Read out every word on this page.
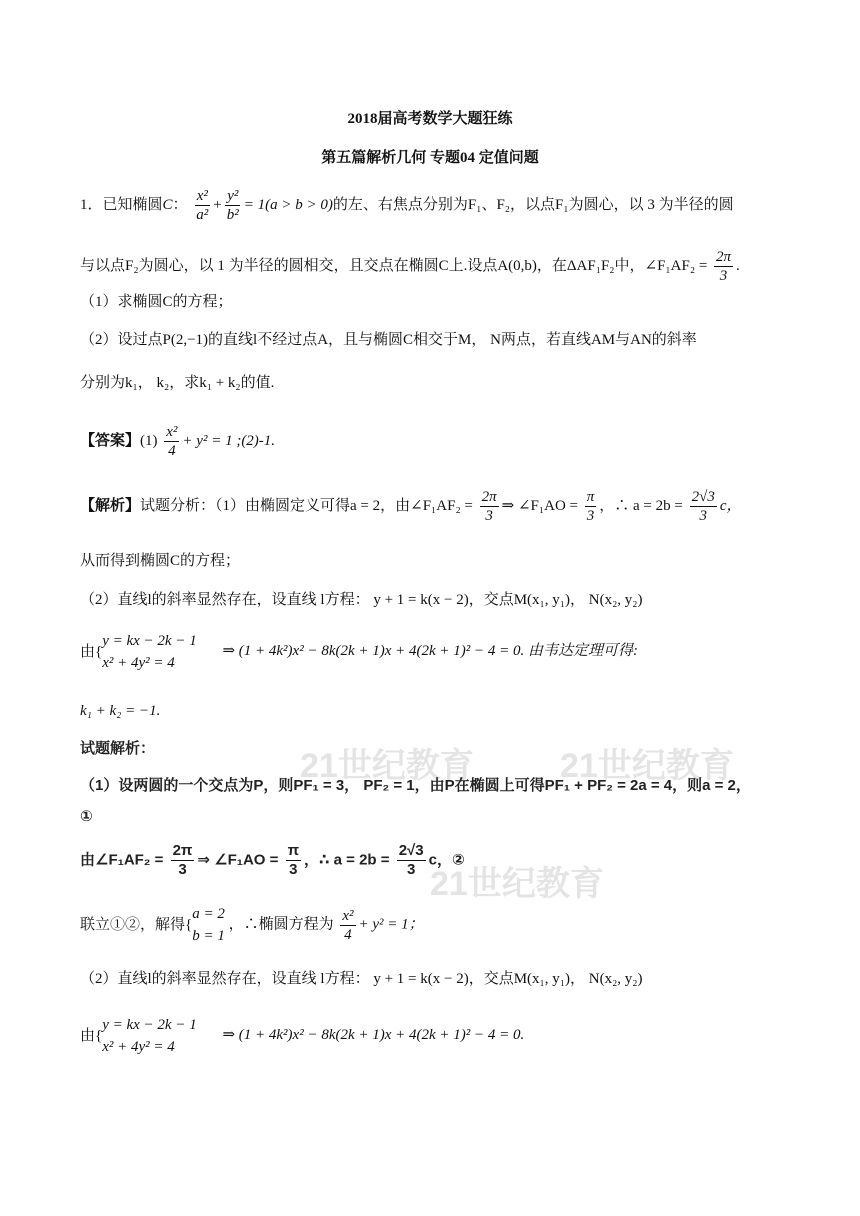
2018届高考数学大题狂练
第五篇解析几何 专题04 定值问题
1．已知椭圆C： $\frac{\text{x²}}{\text{a²}} + \frac{\text{y²}}{\text{b²}} = 1(a > b > 0)$的左、右焦点分别为F₁、F₂，以点F₁为圆心，以 3 为半径的圆
与以点F₂为圆心，以 1 为半径的圆相交，且交点在椭圆C上.设点A(0,b)，在ΔAF₁F₂中，∠F₁AF₂ = $\frac{2\pi}{3}$ .
（1）求椭圆C的方程；
（2）设过点P(2,−1)的直线l不经过点A，且与椭圆C相交于M， N两点，若直线AM与AN的斜率
分别为k₁， k₂，求k₁ + k₂的值.
【答案】$(1) \frac{\text{x²}}{4} + y^2 = 1$ ;(2)-1.
【解析】试题分析：（1）由椭圆定义可得a = 2，由∠F₁AF₂ = $\frac{2\pi}{3}$ ⇒ ∠F₁AO = $\frac{\pi}{3}$ ，∴ $a = 2b = \frac{2√3}{3}$ c，
从而得到椭圆C的方程；
（2）直线l的斜率显然存在，设直线 l方程： y + 1 = k(x − 2)，交点M(x₁, y₁)， N(x₂, y₂)
由{
y = kx − 2k − 1
x² + 4y² = 4
⇒ (1 + 4k²)x² − 8k(2k + 1)x + 4(2k + 1)² − 4 = 0. 由韦达定理可得:
k₁ + k₂ = −1.
21世纪教育	21世纪教育
21世纪教育
试题解析：
（1）设两圆的一个交点为P，则PF₁ = 3， PF₂ = 1，由P在椭圆上可得PF₁ + PF₂ = 2a = 4，则a = 2，
①
由∠F₁AF₂ = $\frac{2\pi}{3}$ ⇒ ∠F₁AO = $\frac{\pi}{3}$ ，∴ $a = 2b = \frac{2√3}{3}$ c，②
联立①②，解得{
a = 2
b = 1
，∴椭圆方程为 $\frac{\text{x²}}{4} + y^2 = 1$；
（2）直线l的斜率显然存在，设直线 l方程： y + 1 = k(x − 2)，交点M(x₁, y₁)， N(x₂, y₂)
由{
y = kx − 2k − 1
x² + 4y² = 4
⇒ (1 + 4k²)x² − 8k(2k + 1)x + 4(2k + 1)² − 4 = 0.
